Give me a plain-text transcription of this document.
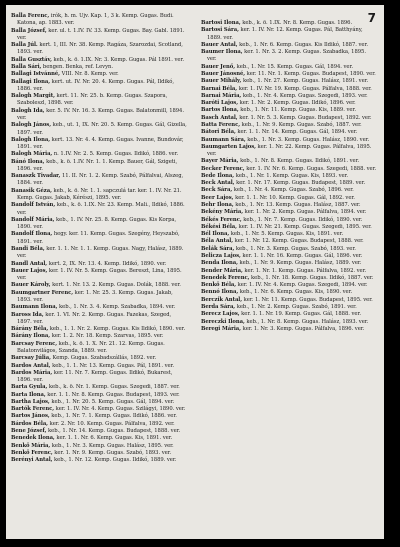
7

Balla Ferenc, irók, h. m. Ujv. Kap. 1, 3 k. Kemp. Gugas. Budi. Katona, ap. 1883. ver.

Balla József, ker. ul. t. 1.IV. IV. 33. Kemp. Gugas. Bay. Gabl. 1891. ver.

Balla Júl. kert. 1, III. Nr. 38. Kemp. Ragáza, Szarozdai, Scotland, 1893. ver.

Balla Gusztáv, keb., k. ö. 1.IX. Nr. 3. Kemp. Gugas. Pál 1891. ver.

Balla Sári, bengen. Benka, ref. Levyn.

Ballagi Istvánné, VIII. Nr. 8. Kemp. ver.

Ballagi Ilona, kert. ut. IV. Nr. 20. 4. Kemp. Gugas. Pál, Ildikó, 1886. ver.

Balogh Margit, kert. 11. Nr. 25. b. Kemp. Gugas. Szapora, Szaboleszl, 1898. ver.

Balogh Ida, ker. 5. IV. Nr. 16. 3. Kemp. Gugas. Balatonmill, 1894. ver.

Balogh János, keb., ut. 1, IX. Nr. 20. 5. Kemp. Gugas. Gál, Gizella, 1897. ver.

Balogh Ilona, kert. 13. Nr. 4. 4. Kemp. Gugas. Ivanne, Bundovár, 1891. ver.

Balogh Mária, n. 1.IV. Nr. 2. 5. Kemp. Gugas. Ildikó, 1886. ver.

Bánó Ilona, keb., k. ö. 1.IV. Nr. 1. 1. Kemp. Bauer, Gál, Szigeti, 1896. ver.

Banaszk Tivadar, 11. II. Nr. 1. 2. Kemp. Szabó, Pálfalvai, Alszeg, 1884. ver.

Banasik Géza, keb., k. ö. Nr. 1. 1. sapczulá tar. ker. 1. IV. Nr. 21. Kemp. Gugas. Jakab, Kérészi, 1895. ver.

Bandolf István, keb., k. ö. 1.IX. Nr. 23. Kemp. Mali., Ildikó, 1886. ver.

Bandolf Mária, keb., 1. IV. Nr. 25. 8. Kemp. Gugas. Kis Korpa, 1890. ver.

Bandolf Ilona, hegy. ker. 11. Kemp. Gugas. Szegény, Heyszabó, 1891. ver.

Bandi Béla, ker. 1. 1. Nr. 1. 1. Kemp. Gugas. Nagy, Halász, 1889. ver.

Bandl Antal, kert. 2, IX. Nr. 13. 4. Kemp. Ildikó, 1890. ver.

Bauer Lajos, ker. 1. IV. Nr. 5. Kemp. Gugas. Bereszt, Lina, 1895. ver.

Bauer Károly, kert. 1. Nr. 13. 2. Kemp. Gugas. Dolák, 1888. ver.

Baumgartner Ferenc, ker. 1. Nr. 25. 3. Kemp. Gugas. Jakab, 1893. ver.

Baumann Ilona, keb., 1. Nr. 3. 4. Kemp. Szabadka, 1894. ver.

Baross Ida, ker. 1. VI. Nr. 2. Kemp. Gugas. Fazekas, Szeged, 1897. ver.

Bárány Béla, keb., 1. 1. Nr. 2. Kemp. Gugas. Kis Ildikó, 1890. ver.

Bárány Ilona, ker. 1. 2. Nr. 18. Kemp. Szarvas, 1895. ver.

Barcsay Ferenc, keb., k. ö. 1. X. Nr. 21. 12. Kemp. Gugas. Balatonvilágos, Szanda, 1889. ver.

Barcsay Júlia, Kemp. Gugas. Szabadszállás, 1892. ver.

Bardos Antal, keb., 1. 1. Nr. 13. Kemp. Gugas. Pál, 1891. ver.

Bardos Mária, ker. 11. Nr. 7. Kemp. Gugas. Ildikó, Bukarest, 1896. ver.

Barta Gyula, keb., k. ö. Nr. 1. Kemp. Gugas. Szegedi, 1887. ver.

Barta Ilona, ker. 1. 1. Nr. 8. Kemp. Gugas. Budapest, 1893. ver.

Bartha Lajos, keb., 1. Nr. 20. 5. Kemp. Gugas. Gál, 1894. ver.

Bartók Ferenc, ker. 1. IV. Nr. 4. Kemp. Gugas. Szilágyi, 1890. ver.

Bartos János, keb., 1. Nr. 7. 1. Kemp. Gugas. Ildikó, 1886. ver.

Bárdos Béla, ker. 2. Nr. 10. Kemp. Gugas. Pálfalva, 1892. ver.

Bene József, keb., 1. Nr. 14. Kemp. Gugas. Budapest, 1888. ver.

Benedek Ilona, ker. 1. 1. Nr. 6. Kemp. Gugas. Kis, 1891. ver.

Benkő Mária, keb., 1. Nr. 3. Kemp. Gugas. Halász, 1895. ver.

Benkő Ferenc, ker. 1. Nr. 9. Kemp. Gugas. Szabó, 1893. ver.

Berényi Antal, keb., 1. Nr. 12. Kemp. Gugas. Ildikó, 1889. ver.

Bartosi Ilona, keb., k. ö. 1.IX. Nr. 8. Kemp. Gugas. 1896.

Bartosi Sára, ker. 1. IV. Nr. 12. Kemp. Gugas. Pál, Batthyány, 1889. ver.

Bauer Antal, keb., 1. Nr. 6. Kemp. Gugas. Kis Ildikó, 1887. ver.

Baumer Ilona, ker. 1. Nr. 3. 2. Kemp. Gugas. Szabadka, 1895. ver.

Bauer Jenő, keb., 1. Nr. 15. Kemp. Gugas. Gál, 1894. ver.

Bauer Jánosné, ker. 11. Nr. 1. Kemp. Gugas. Budapest, 1890. ver.

Bauer Mihály, keb., 1. Nr. 27. Kemp. Gugas. Halász, 1891. ver.

Barnai Béla, ker. 1. IV. Nr. 19. Kemp. Gugas. Pálfalva, 1888. ver.

Barnai Mária, keb., 1. Nr. 4. Kemp. Gugas. Szegedi, 1893. ver.

Baróti Lajos, ker. 1. Nr. 2. Kemp. Gugas. Ildikó, 1896. ver.

Bartos Ilona, keb., 1. Nr. 11. Kemp. Gugas. Kis, 1889. ver.

Basch Antal, ker. 1. Nr. 5. 3. Kemp. Gugas. Budapest, 1892. ver.

Batta Ferenc, keb., 1. Nr. 9. Kemp. Gugas. Szabó, 1887. ver.

Bátori Béla, ker. 1. 1. Nr. 14. Kemp. Gugas. Gál, 1894. ver.

Baumann Sára, keb., 1. Nr. 3. Kemp. Gugas. Halász, 1890. ver.

Baumgarten Lajos, ker. 1. Nr. 22. Kemp. Gugas. Pálfalva, 1895. ver.

Bayer Mária, keb., 1. Nr. 8. Kemp. Gugas. Ildikó, 1891. ver.

Becker Ferenc, ker. 1. IV. Nr. 6. Kemp. Gugas. Szegedi, 1888. ver.

Bede Ilona, keb., 1. Nr. 1. Kemp. Gugas. Kis, 1893. ver.

Beck Antal, ker. 1. Nr. 17. Kemp. Gugas. Budapest, 1889. ver.

Beck Sára, keb., 1. Nr. 4. Kemp. Gugas. Szabó, 1896. ver.

Beer Lajos, ker. 1. 1. Nr. 10. Kemp. Gugas. Gál, 1892. ver.

Behr Ilona, keb., 1. Nr. 13. Kemp. Gugas. Halász, 1887. ver.

Bekény Mária, ker. 1. Nr. 2. Kemp. Gugas. Pálfalva, 1894. ver.

Békés Ferenc, keb., 1. Nr. 7. Kemp. Gugas. Ildikó, 1890. ver.

Békési Béla, ker. 1. IV. Nr. 21. Kemp. Gugas. Szegedi, 1895. ver.

Bél Ilona, keb., 1. Nr. 5. Kemp. Gugas. Kis, 1891. ver.

Béla Antal, ker. 1. Nr. 12. Kemp. Gugas. Budapest, 1888. ver.

Belák Sára, keb., 1. Nr. 3. Kemp. Gugas. Szabó, 1893. ver.

Belicza Lajos, ker. 1. 1. Nr. 16. Kemp. Gugas. Gál, 1896. ver.

Benda Ilona, keb., 1. Nr. 9. Kemp. Gugas. Halász, 1889. ver.

Bender Mária, ker. 1. Nr. 1. Kemp. Gugas. Pálfalva, 1892. ver.

Benedek Ferenc, keb., 1. Nr. 18. Kemp. Gugas. Ildikó, 1887. ver.

Benkő Béla, ker. 1. IV. Nr. 4. Kemp. Gugas. Szegedi, 1894. ver.

Bennó Ilona, keb., 1. Nr. 6. Kemp. Gugas. Kis, 1890. ver.

Berczik Antal, ker. 1. Nr. 11. Kemp. Gugas. Budapest, 1895. ver.

Berda Sára, keb., 1. Nr. 2. Kemp. Gugas. Szabó, 1891. ver.

Berecz Lajos, ker. 1. 1. Nr. 19. Kemp. Gugas. Gál, 1888. ver.

Bereczki Ilona, keb., 1. Nr. 8. Kemp. Gugas. Halász, 1893. ver.

Beregi Mária, ker. 1. Nr. 3. Kemp. Gugas. Pálfalva, 1896. ver.
